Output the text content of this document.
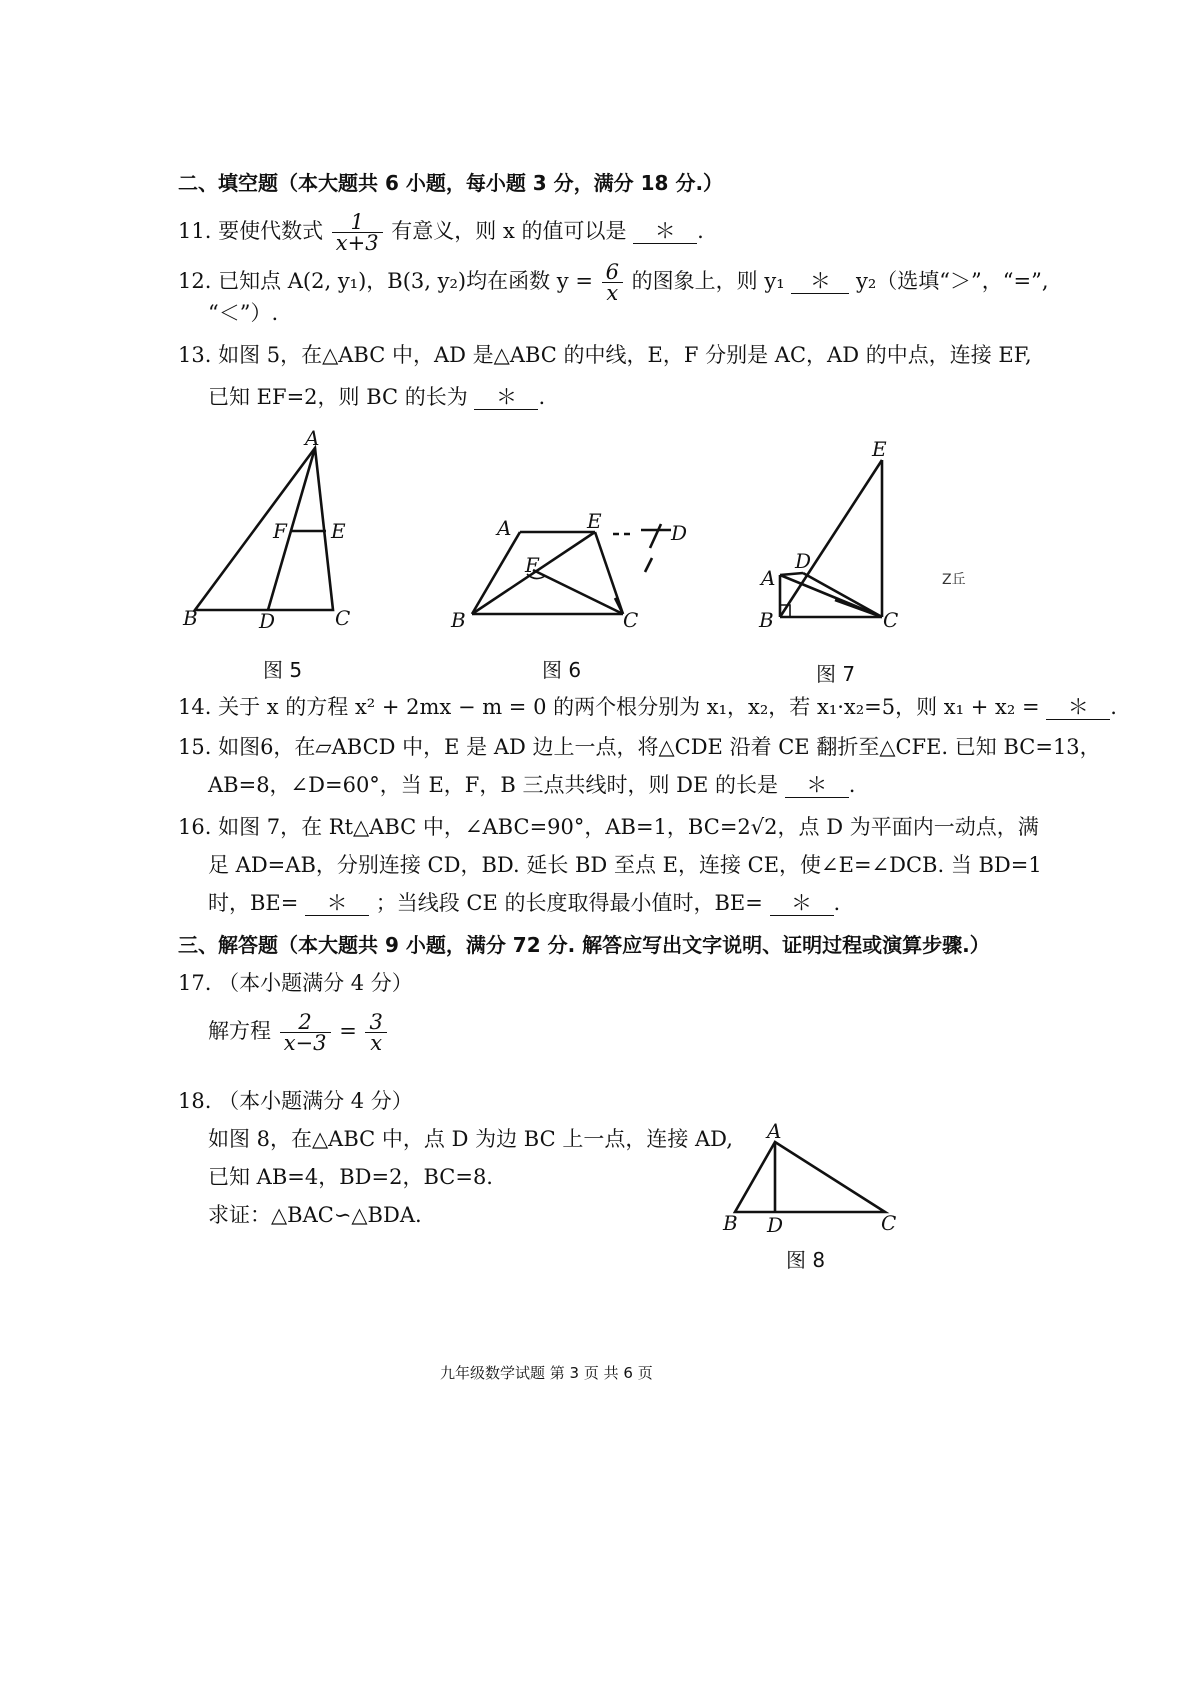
二、填空题（本大题共 6 小题，每小题 3 分，满分 18 分.）
11. 要使代数式 $\frac{1}{x+3}$ 有意义，则 x 的值可以是 ＊ .
12. 已知点 A(2, y₁)，B(3, y₂)均在函数 $y = \frac{6}{x}$ 的图象上，则 y₁ ＊ y₂（选填“＞”，“=”,
“＜”）.
13. 如图 5，在△ABC 中，AD 是△ABC 的中线，E，F 分别是 AC，AD 的中点，连接 EF,
已知 EF=2，则 BC 的长为 ＊ .
A
B	C
D
E
F
图 5
A
B	C
D
E
F
图 6
E
D
A
B	C
Z丘
图 7
14. 关于 x 的方程 x² + 2mx − m = 0 的两个根分别为 x₁，x₂，若 x₁·x₂=5，则 x₁ + x₂ = ＊ .
15. 如图6，在▱ABCD 中，E 是 AD 边上一点，将△CDE 沿着 CE 翻折至△CFE. 已知 BC=13，
AB=8，∠D=60°，当 E，F，B 三点共线时，则 DE 的长是 ＊ .
16. 如图 7，在 Rt△ABC 中，∠ABC=90°，AB=1，BC=2√2，点 D 为平面内一动点，满
足 AD=AB，分别连接 CD，BD. 延长 BD 至点 E，连接 CE，使∠E=∠DCB. 当 BD=1
时，BE= ＊ ；当线段 CE 的长度取得最小值时，BE= ＊ .
三、解答题（本大题共 9 小题，满分 72 分. 解答应写出文字说明、证明过程或演算步骤.）
17. （本小题满分 4 分）
解方程 $\frac{2}{x-3} = \frac{3}{x}$
18. （本小题满分 4 分）
如图 8，在△ABC 中，点 D 为边 BC 上一点，连接 AD,
已知 AB=4，BD=2，BC=8.
求证：△BAC∽△BDA.
A
B D	C
图 8
九年级数学试题 第 3 页 共 6 页
